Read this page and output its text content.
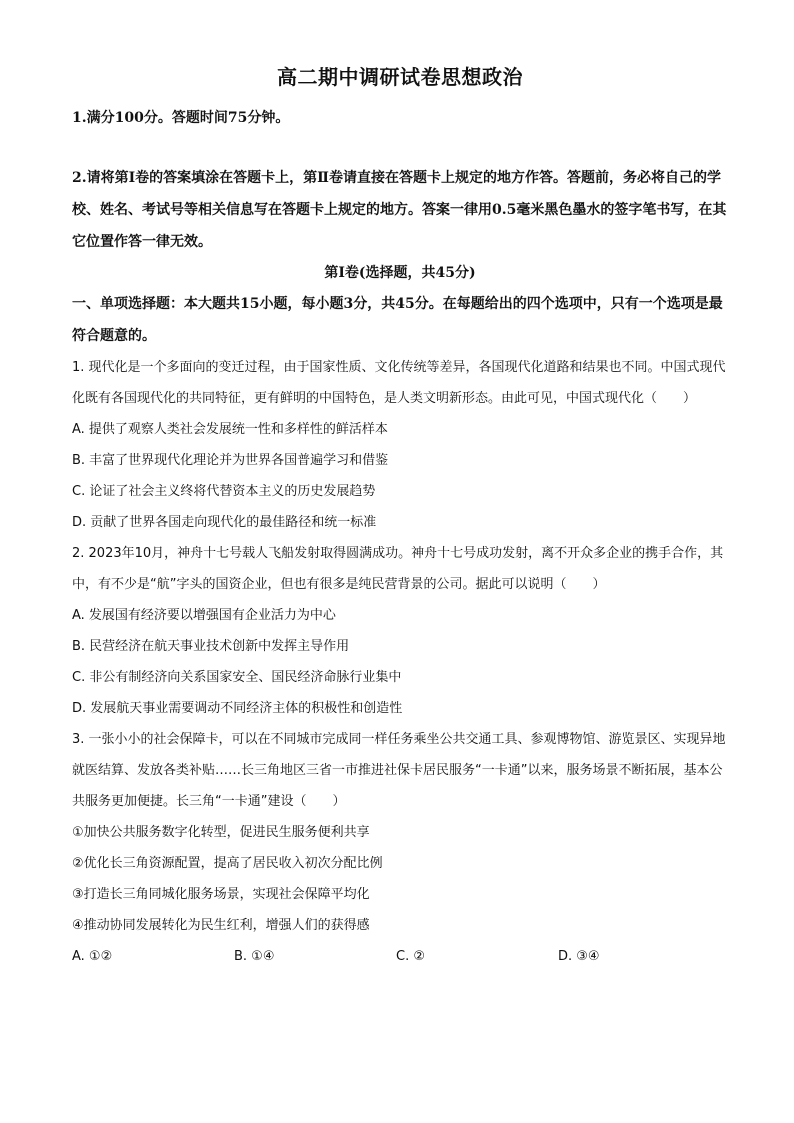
高二期中调研试卷思想政治

1.满分100分。答题时间75分钟。

2.请将第Ⅰ卷的答案填涂在答题卡上，第Ⅱ卷请直接在答题卡上规定的地方作答。答题前，务必将自己的学校、姓名、考试号等相关信息写在答题卡上规定的地方。答案一律用0.5毫米黑色墨水的签字笔书写，在其它位置作答一律无效。

第Ⅰ卷(选择题，共45分)

一、单项选择题：本大题共15小题，每小题3分，共45分。在每题给出的四个选项中，只有一个选项是最符合题意的。

1. 现代化是一个多面向的变迁过程，由于国家性质、文化传统等差异，各国现代化道路和结果也不同。中国式现代化既有各国现代化的共同特征，更有鲜明的中国特色，是人类文明新形态。由此可见，中国式现代化（　　）

A. 提供了观察人类社会发展统一性和多样性的鲜活样本

B. 丰富了世界现代化理论并为世界各国普遍学习和借鉴

C. 论证了社会主义终将代替资本主义的历史发展趋势

D. 贡献了世界各国走向现代化的最佳路径和统一标准

2. 2023年10月，神舟十七号载人飞船发射取得圆满成功。神舟十七号成功发射，离不开众多企业的携手合作，其中，有不少是“航”字头的国资企业，但也有很多是纯民营背景的公司。据此可以说明（　　）

A. 发展国有经济要以增强国有企业活力为中心

B. 民营经济在航天事业技术创新中发挥主导作用

C. 非公有制经济向关系国家安全、国民经济命脉行业集中

D. 发展航天事业需要调动不同经济主体的积极性和创造性

3. 一张小小的社会保障卡，可以在不同城市完成同一样任务乘坐公共交通工具、参观博物馆、游览景区、实现异地就医结算、发放各类补贴……长三角地区三省一市推进社保卡居民服务“一卡通”以来，服务场景不断拓展，基本公共服务更加便捷。长三角“一卡通”建设（　　）

①加快公共服务数字化转型，促进民生服务便利共享

②优化长三角资源配置，提高了居民收入初次分配比例

③打造长三角同城化服务场景，实现社会保障平均化

④推动协同发展转化为民生红利，增强人们的获得感

A. ①②	B. ①④	C. ②	D. ③④
